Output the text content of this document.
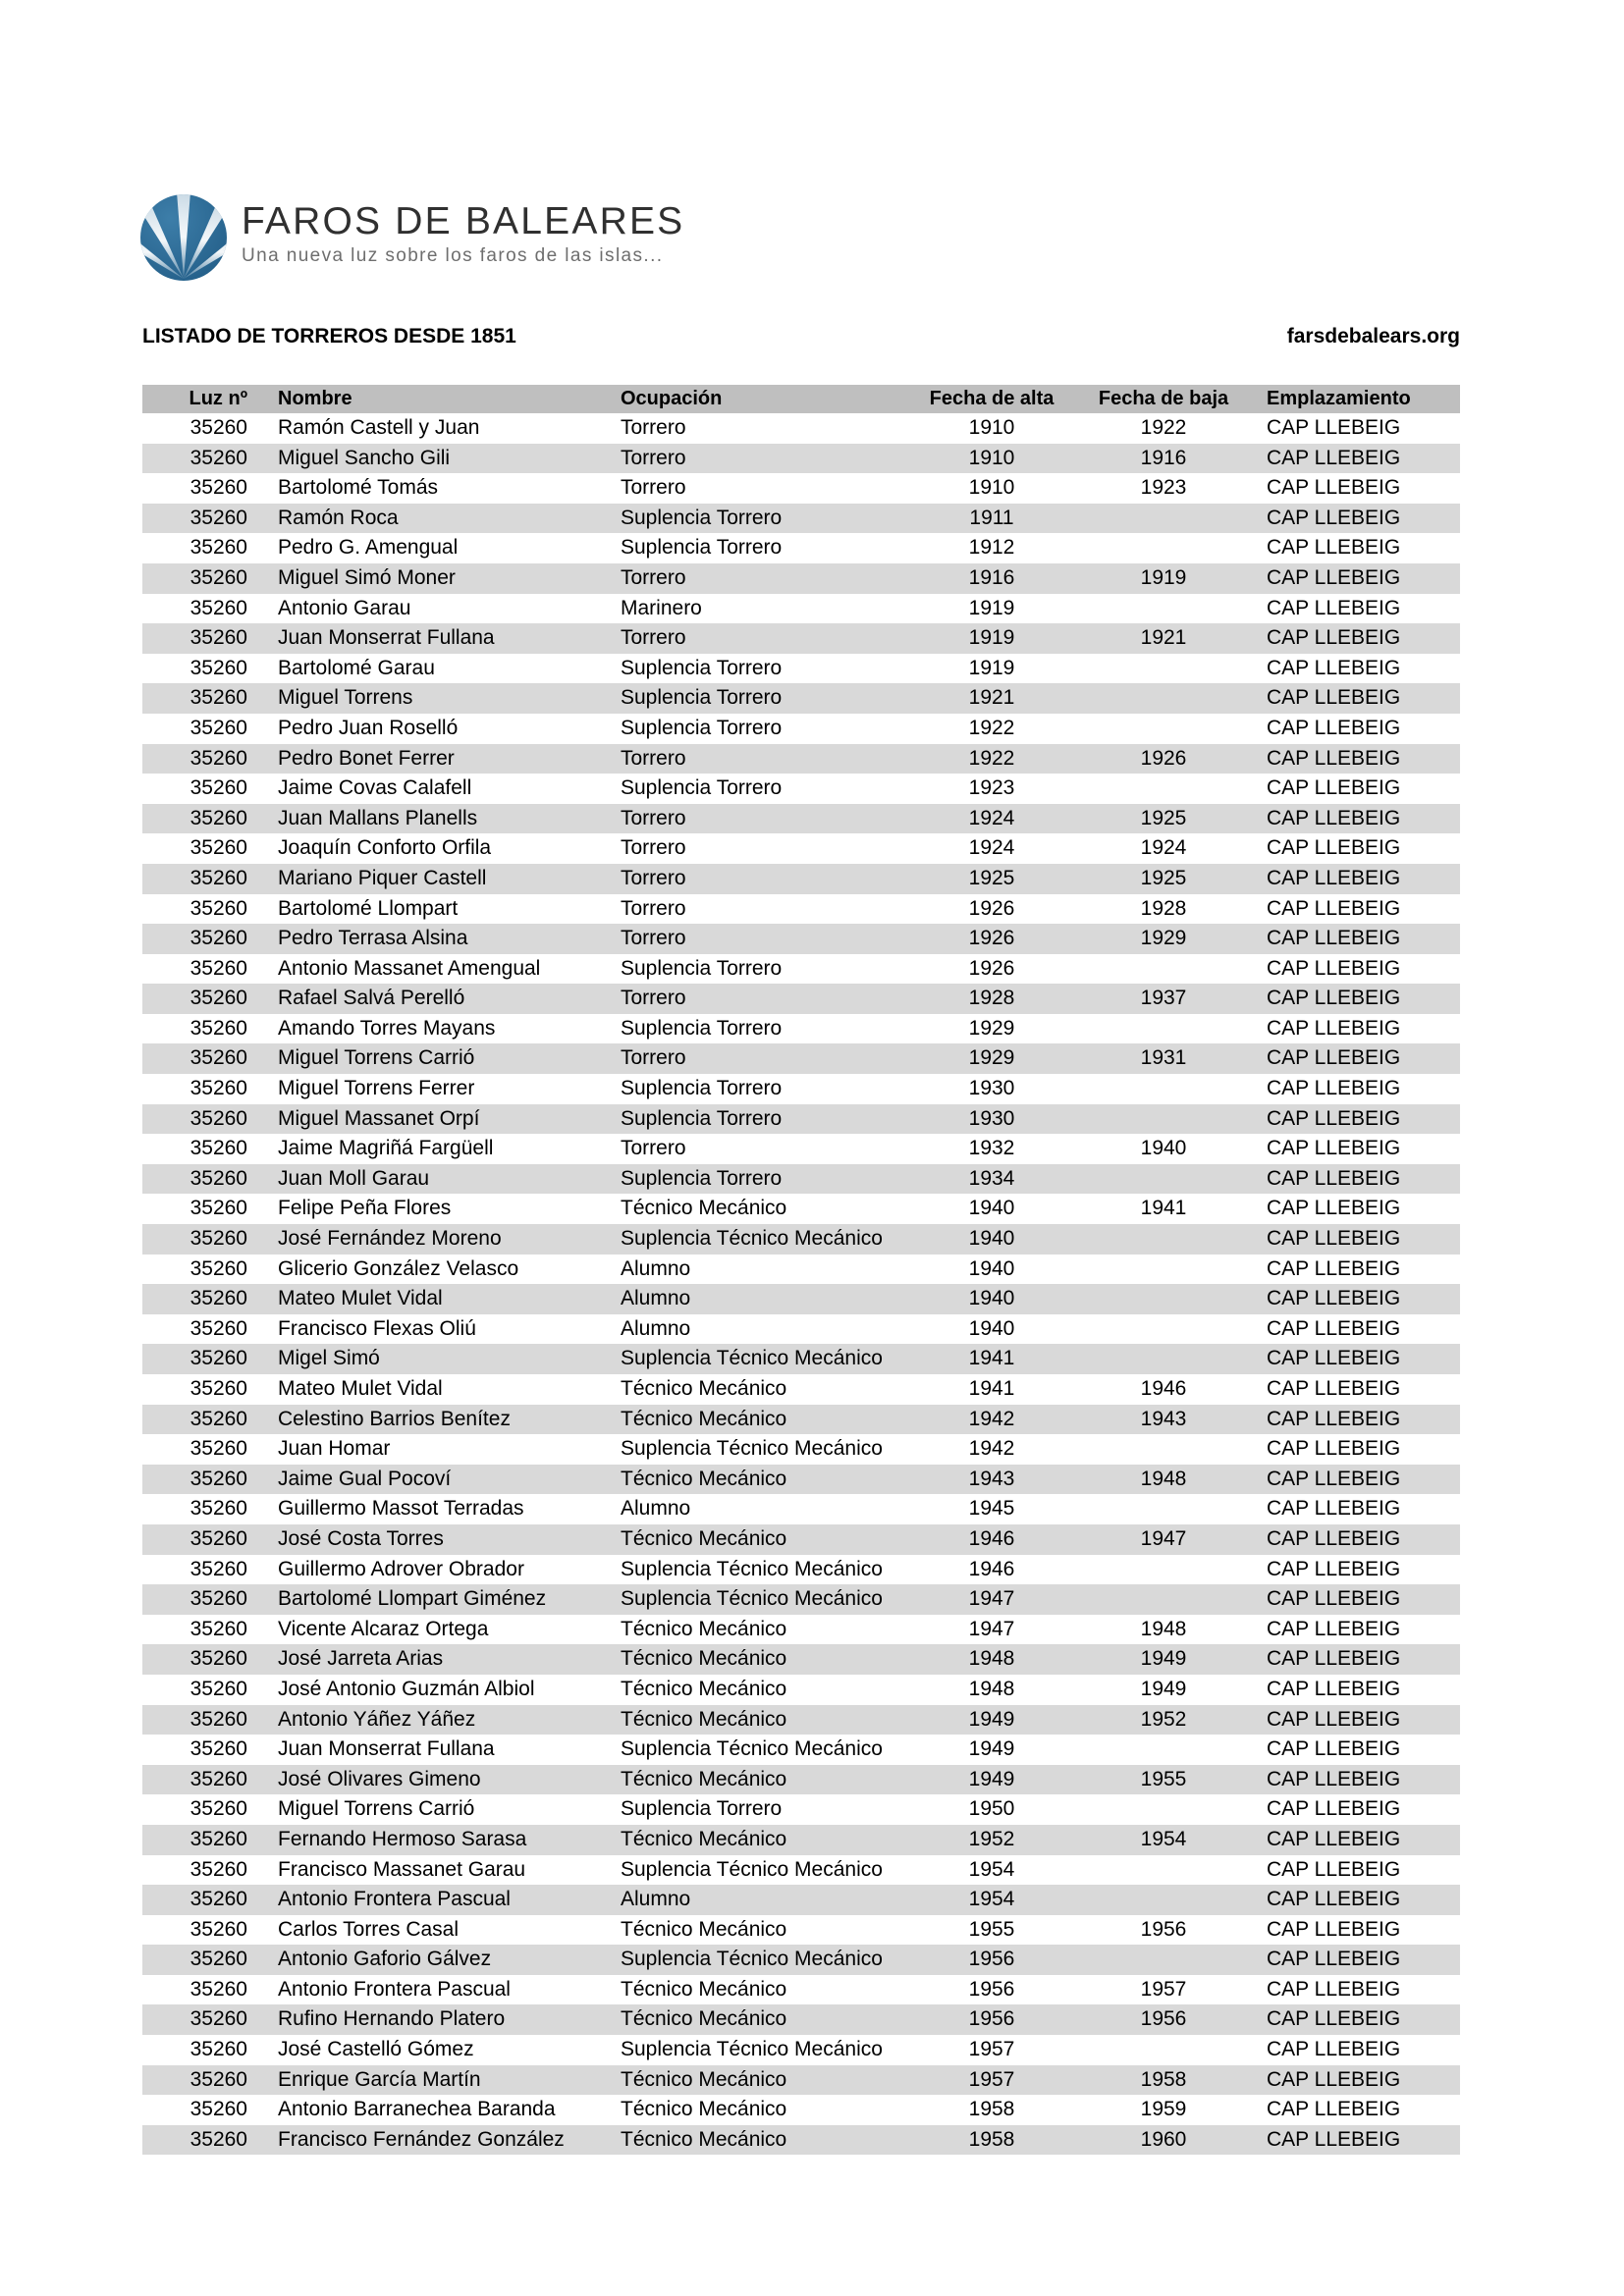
FAROS DE BALEARES
Una nueva luz sobre los faros de las islas...
LISTADO DE TORREROS DESDE 1851	farsdebalears.org
Luz nº	Nombre	Ocupación	Fecha de alta	Fecha de baja	Emplazamiento
35260	Ramón Castell y Juan	Torrero	1910	1922	CAP LLEBEIG
35260	Miguel Sancho Gili	Torrero	1910	1916	CAP LLEBEIG
35260	Bartolomé Tomás	Torrero	1910	1923	CAP LLEBEIG
35260	Ramón Roca	Suplencia Torrero	1911		CAP LLEBEIG
35260	Pedro G. Amengual	Suplencia Torrero	1912		CAP LLEBEIG
35260	Miguel Simó Moner	Torrero	1916	1919	CAP LLEBEIG
35260	Antonio Garau	Marinero	1919		CAP LLEBEIG
35260	Juan Monserrat Fullana	Torrero	1919	1921	CAP LLEBEIG
35260	Bartolomé Garau	Suplencia Torrero	1919		CAP LLEBEIG
35260	Miguel Torrens	Suplencia Torrero	1921		CAP LLEBEIG
35260	Pedro Juan Roselló	Suplencia Torrero	1922		CAP LLEBEIG
35260	Pedro Bonet Ferrer	Torrero	1922	1926	CAP LLEBEIG
35260	Jaime Covas Calafell	Suplencia Torrero	1923		CAP LLEBEIG
35260	Juan Mallans Planells	Torrero	1924	1925	CAP LLEBEIG
35260	Joaquín Conforto Orfila	Torrero	1924	1924	CAP LLEBEIG
35260	Mariano Piquer Castell	Torrero	1925	1925	CAP LLEBEIG
35260	Bartolomé Llompart	Torrero	1926	1928	CAP LLEBEIG
35260	Pedro Terrasa Alsina	Torrero	1926	1929	CAP LLEBEIG
35260	Antonio Massanet Amengual	Suplencia Torrero	1926		CAP LLEBEIG
35260	Rafael Salvá Perelló	Torrero	1928	1937	CAP LLEBEIG
35260	Amando Torres Mayans	Suplencia Torrero	1929		CAP LLEBEIG
35260	Miguel Torrens Carrió	Torrero	1929	1931	CAP LLEBEIG
35260	Miguel Torrens Ferrer	Suplencia Torrero	1930		CAP LLEBEIG
35260	Miguel Massanet Orpí	Suplencia Torrero	1930		CAP LLEBEIG
35260	Jaime Magriñá Fargüell	Torrero	1932	1940	CAP LLEBEIG
35260	Juan Moll Garau	Suplencia Torrero	1934		CAP LLEBEIG
35260	Felipe Peña Flores	Técnico Mecánico	1940	1941	CAP LLEBEIG
35260	José Fernández Moreno	Suplencia Técnico Mecánico	1940		CAP LLEBEIG
35260	Glicerio González Velasco	Alumno	1940		CAP LLEBEIG
35260	Mateo Mulet Vidal	Alumno	1940		CAP LLEBEIG
35260	Francisco Flexas Oliú	Alumno	1940		CAP LLEBEIG
35260	Migel Simó	Suplencia Técnico Mecánico	1941		CAP LLEBEIG
35260	Mateo Mulet Vidal	Técnico Mecánico	1941	1946	CAP LLEBEIG
35260	Celestino Barrios Benítez	Técnico Mecánico	1942	1943	CAP LLEBEIG
35260	Juan Homar	Suplencia Técnico Mecánico	1942		CAP LLEBEIG
35260	Jaime Gual Pocoví	Técnico Mecánico	1943	1948	CAP LLEBEIG
35260	Guillermo Massot Terradas	Alumno	1945		CAP LLEBEIG
35260	José Costa Torres	Técnico Mecánico	1946	1947	CAP LLEBEIG
35260	Guillermo Adrover Obrador	Suplencia Técnico Mecánico	1946		CAP LLEBEIG
35260	Bartolomé Llompart Giménez	Suplencia Técnico Mecánico	1947		CAP LLEBEIG
35260	Vicente Alcaraz Ortega	Técnico Mecánico	1947	1948	CAP LLEBEIG
35260	José Jarreta Arias	Técnico Mecánico	1948	1949	CAP LLEBEIG
35260	José Antonio Guzmán Albiol	Técnico Mecánico	1948	1949	CAP LLEBEIG
35260	Antonio Yáñez Yáñez	Técnico Mecánico	1949	1952	CAP LLEBEIG
35260	Juan Monserrat Fullana	Suplencia Técnico Mecánico	1949		CAP LLEBEIG
35260	José Olivares Gimeno	Técnico Mecánico	1949	1955	CAP LLEBEIG
35260	Miguel Torrens Carrió	Suplencia Torrero	1950		CAP LLEBEIG
35260	Fernando Hermoso Sarasa	Técnico Mecánico	1952	1954	CAP LLEBEIG
35260	Francisco Massanet Garau	Suplencia Técnico Mecánico	1954		CAP LLEBEIG
35260	Antonio Frontera Pascual	Alumno	1954		CAP LLEBEIG
35260	Carlos Torres Casal	Técnico Mecánico	1955	1956	CAP LLEBEIG
35260	Antonio Gaforio Gálvez	Suplencia Técnico Mecánico	1956		CAP LLEBEIG
35260	Antonio Frontera Pascual	Técnico Mecánico	1956	1957	CAP LLEBEIG
35260	Rufino Hernando Platero	Técnico Mecánico	1956	1956	CAP LLEBEIG
35260	José Castelló Gómez	Suplencia Técnico Mecánico	1957		CAP LLEBEIG
35260	Enrique García Martín	Técnico Mecánico	1957	1958	CAP LLEBEIG
35260	Antonio Barranechea Baranda	Técnico Mecánico	1958	1959	CAP LLEBEIG
35260	Francisco Fernández González	Técnico Mecánico	1958	1960	CAP LLEBEIG
